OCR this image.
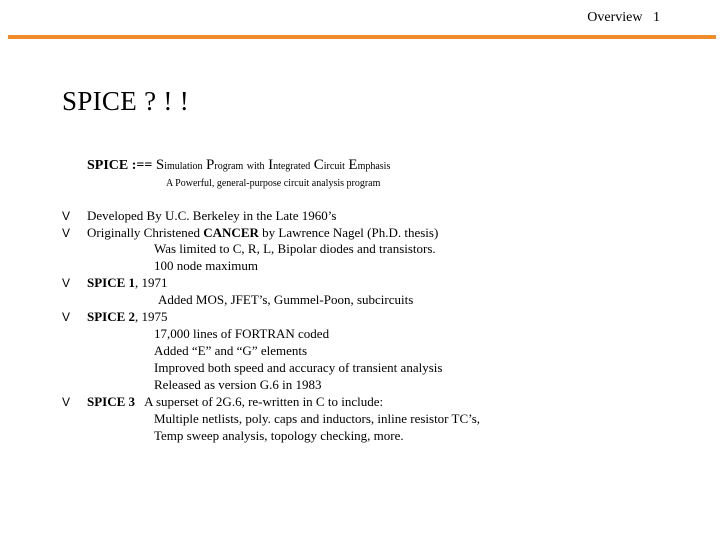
Overview 1
SPICE ? ! !
SPICE :== Simulation Program with Integrated Circuit Emphasis
A Powerful, general-purpose circuit analysis program
V Developed By U.C. Berkeley in the Late 1960’s
V Originally Christened CANCER by Lawrence Nagel (Ph.D. thesis)
Was limited to C, R, L, Bipolar diodes and transistors.
100 node maximum
V SPICE 1, 1971
Added MOS, JFET’s, Gummel-Poon, subcircuits
V SPICE 2, 1975
17,000 lines of FORTRAN coded
Added “E” and “G” elements
Improved both speed and accuracy of transient analysis
Released as version G.6 in 1983
V SPICE 3   A superset of 2G.6, re-written in C to include:
Multiple netlists, poly. caps and inductors, inline resistor TC’s,
Temp sweep analysis, topology checking, more.
